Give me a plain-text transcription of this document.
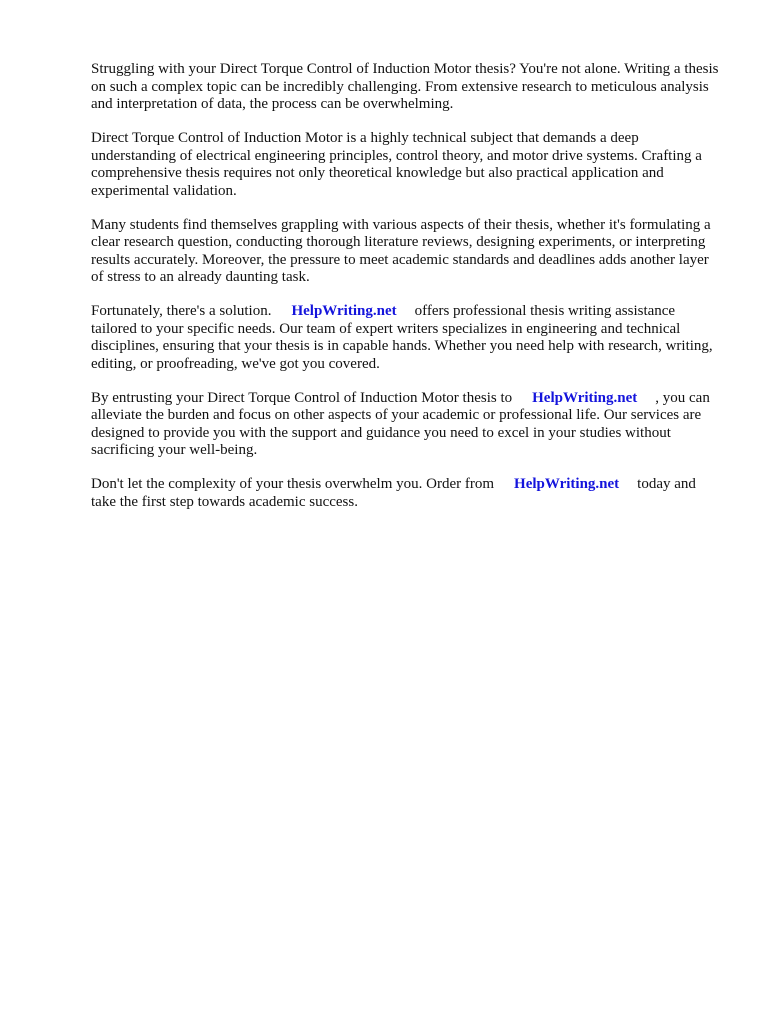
Struggling with your Direct Torque Control of Induction Motor thesis? You're not alone. Writing a thesis on such a complex topic can be incredibly challenging. From extensive research to meticulous analysis and interpretation of data, the process can be overwhelming.

Direct Torque Control of Induction Motor is a highly technical subject that demands a deep understanding of electrical engineering principles, control theory, and motor drive systems. Crafting a comprehensive thesis requires not only theoretical knowledge but also practical application and experimental validation.

Many students find themselves grappling with various aspects of their thesis, whether it's formulating a clear research question, conducting thorough literature reviews, designing experiments, or interpreting results accurately. Moreover, the pressure to meet academic standards and deadlines adds another layer of stress to an already daunting task.

Fortunately, there's a solution. HelpWriting.net offers professional thesis writing assistance tailored to your specific needs. Our team of expert writers specializes in engineering and technical disciplines, ensuring that your thesis is in capable hands. Whether you need help with research, writing, editing, or proofreading, we've got you covered.

By entrusting your Direct Torque Control of Induction Motor thesis to HelpWriting.net , you can alleviate the burden and focus on other aspects of your academic or professional life. Our services are designed to provide you with the support and guidance you need to excel in your studies without sacrificing your well-being.

Don't let the complexity of your thesis overwhelm you. Order from HelpWriting.net today and take the first step towards academic success.
